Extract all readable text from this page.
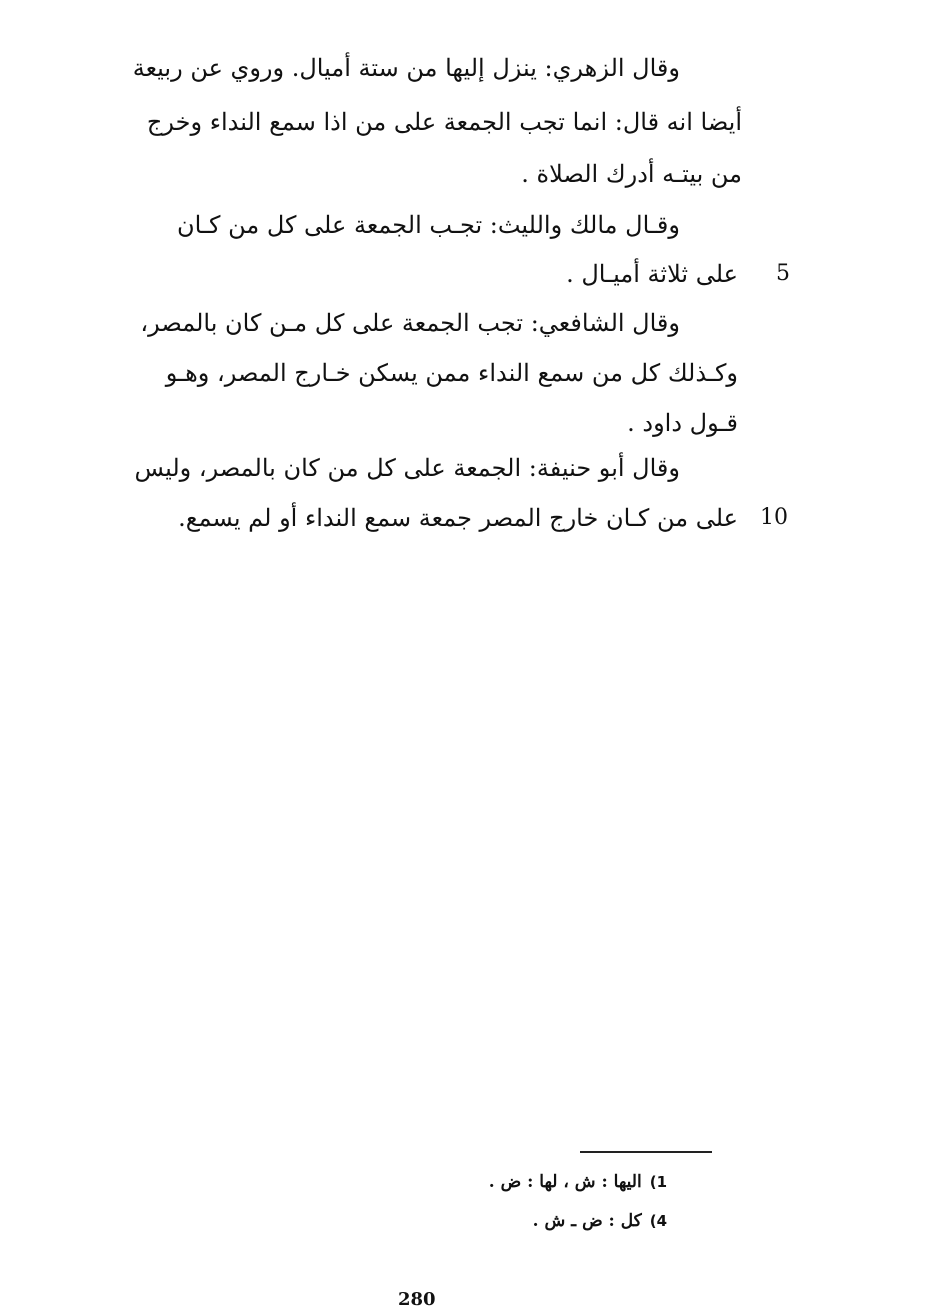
وقال الزهري: ينزل إليها من ستة أميال. وروي عن ربيعة
أيضا انه قال: انما تجب الجمعة على من اذا سمع النداء وخرج
من بيتـه أدرك الصلاة .
وقـال مالك والليث: تجـب الجمعة على كل من كـان
على ثلاثة أميـال . 5
وقال الشافعي: تجب الجمعة على كل مـن كان بالمصر،
وكـذلك كل من سمع النداء ممن يسكن خـارج المصر، وهـو
قـول داود .
وقال أبو حنيفة: الجمعة على كل من كان بالمصر، وليس
على من كـان خارج المصر جمعة سمع النداء أو لم يسمع. 10
1)اليها : ش ، لها : ض .
4)كل : ض ـ ش .
280
